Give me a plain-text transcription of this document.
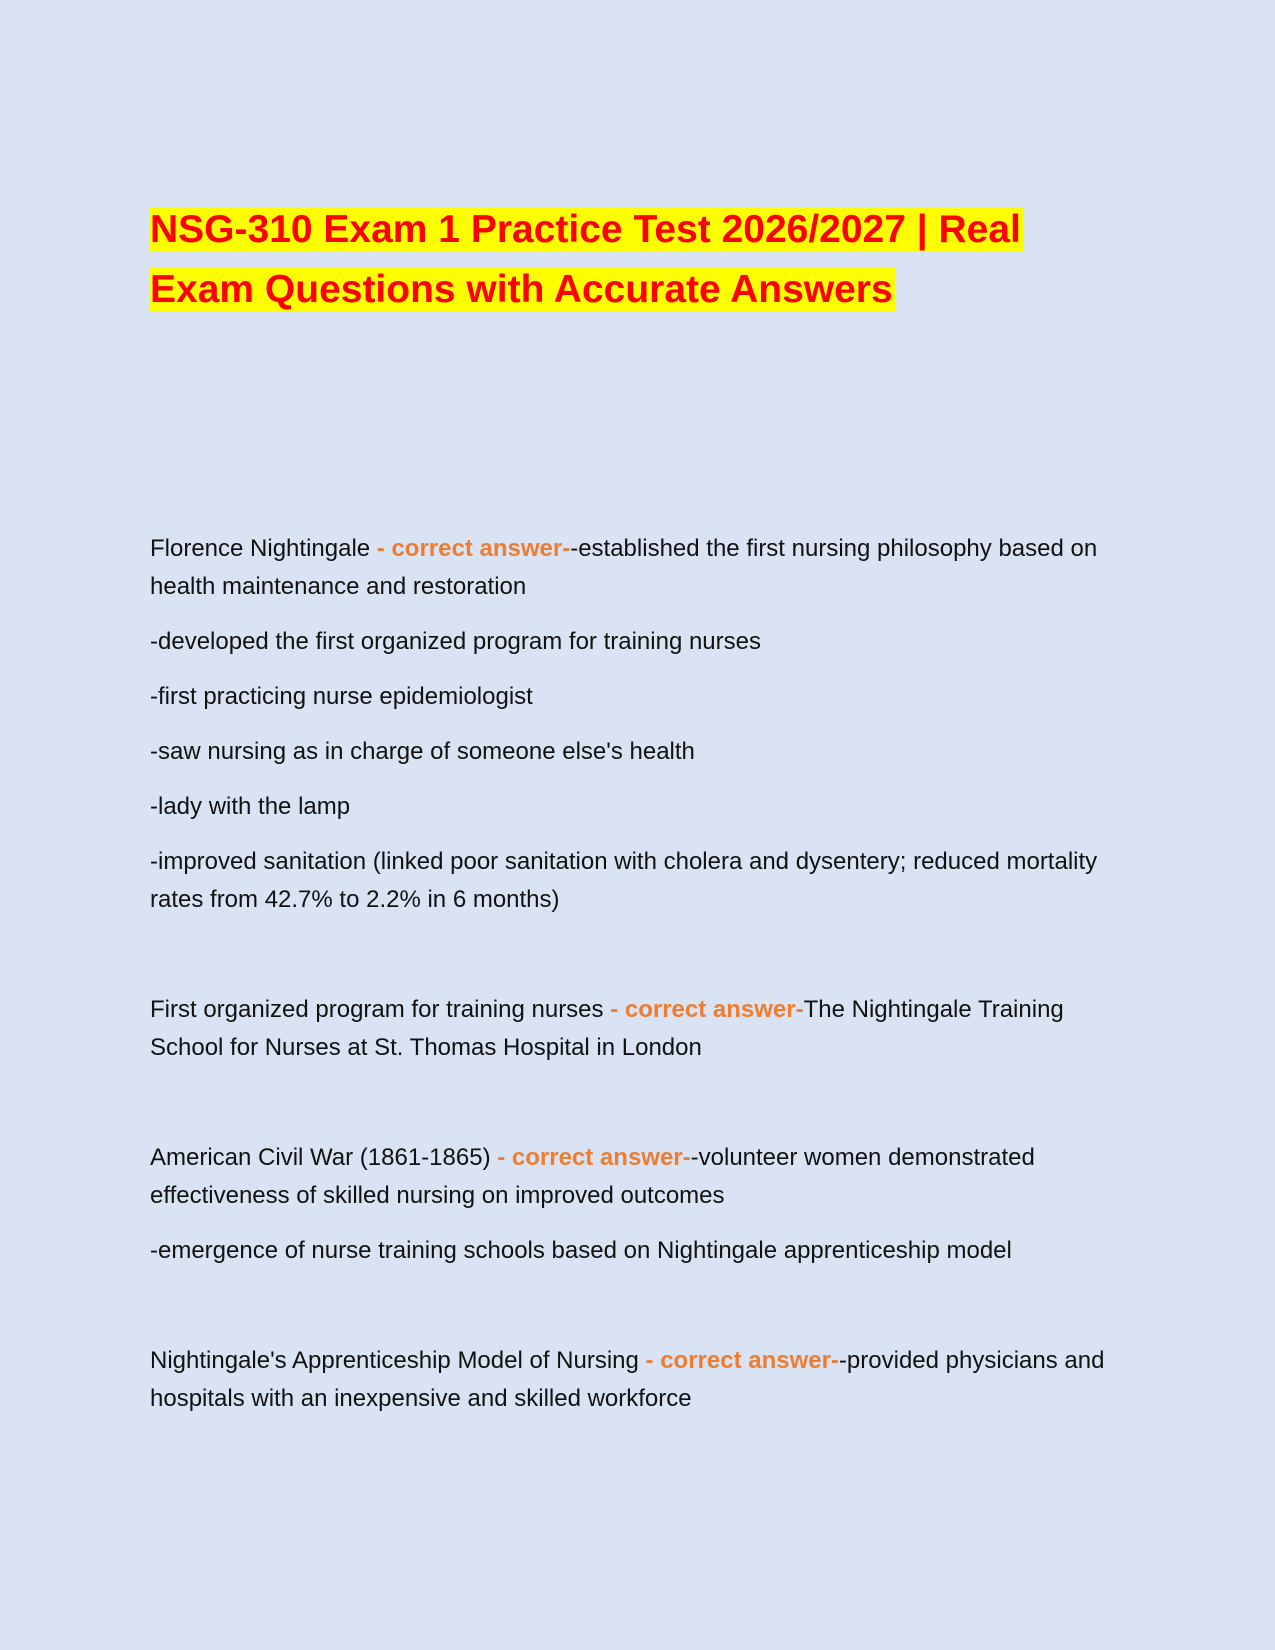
NSG-310 Exam 1 Practice Test 2026/2027 | Real
Exam Questions with Accurate Answers

Florence Nightingale - correct answer--established the first nursing philosophy based on health maintenance and restoration

-developed the first organized program for training nurses

-first practicing nurse epidemiologist

-saw nursing as in charge of someone else's health

-lady with the lamp

-improved sanitation (linked poor sanitation with cholera and dysentery; reduced mortality rates from 42.7% to 2.2% in 6 months)

First organized program for training nurses - correct answer-The Nightingale Training School for Nurses at St. Thomas Hospital in London

American Civil War (1861-1865) - correct answer--volunteer women demonstrated effectiveness of skilled nursing on improved outcomes

-emergence of nurse training schools based on Nightingale apprenticeship model

Nightingale's Apprenticeship Model of Nursing - correct answer--provided physicians and hospitals with an inexpensive and skilled workforce
